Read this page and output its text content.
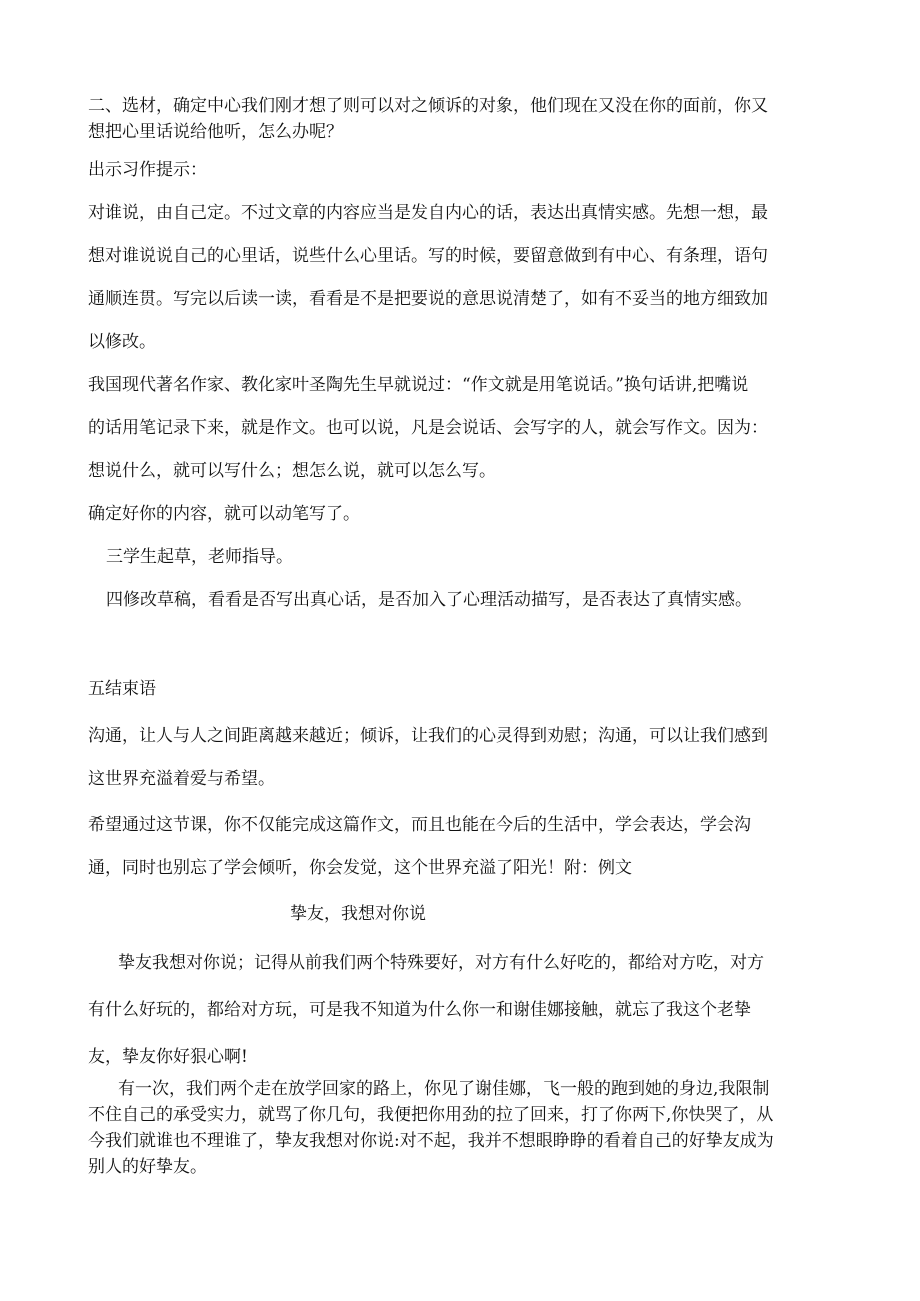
二、选材，确定中心我们刚才想了则可以对之倾诉的对象，他们现在又没在你的面前，你又

想把心里话说给他听，怎么办呢？

出示习作提示：

对谁说，由自己定。不过文章的内容应当是发自内心的话，表达出真情实感。先想一想，最

想对谁说说自己的心里话，说些什么心里话。写的时候，要留意做到有中心、有条理，语句

通顺连贯。写完以后读一读，看看是不是把要说的意思说清楚了，如有不妥当的地方细致加

以修改。

我国现代著名作家、教化家叶圣陶先生早就说过：“作文就是用笔说话。”换句话讲,把嘴说

的话用笔记录下来，就是作文。也可以说，凡是会说话、会写字的人，就会写作文。因为：

想说什么，就可以写什么；想怎么说，就可以怎么写。

确定好你的内容，就可以动笔写了。

三学生起草，老师指导。

四修改草稿，看看是否写出真心话，是否加入了心理活动描写，是否表达了真情实感。

五结束语

沟通，让人与人之间距离越来越近；倾诉，让我们的心灵得到劝慰；沟通，可以让我们感到

这世界充溢着爱与希望。

希望通过这节课，你不仅能完成这篇作文，而且也能在今后的生活中，学会表达，学会沟

通，同时也别忘了学会倾听，你会发觉，这个世界充溢了阳光！附：例文

挚友，我想对你说

挚友我想对你说；记得从前我们两个特殊要好，对方有什么好吃的，都给对方吃，对方

有什么好玩的，都给对方玩，可是我不知道为什么你一和谢佳娜接触，就忘了我这个老挚

友，挚友你好狠心啊!

有一次，我们两个走在放学回家的路上，你见了谢佳娜，飞一般的跑到她的身边,我限制

不住自己的承受实力，就骂了你几句，我便把你用劲的拉了回来，打了你两下,你快哭了，从

今我们就谁也不理谁了，挚友我想对你说:对不起，我并不想眼睁睁的看着自己的好挚友成为

别人的好挚友。
